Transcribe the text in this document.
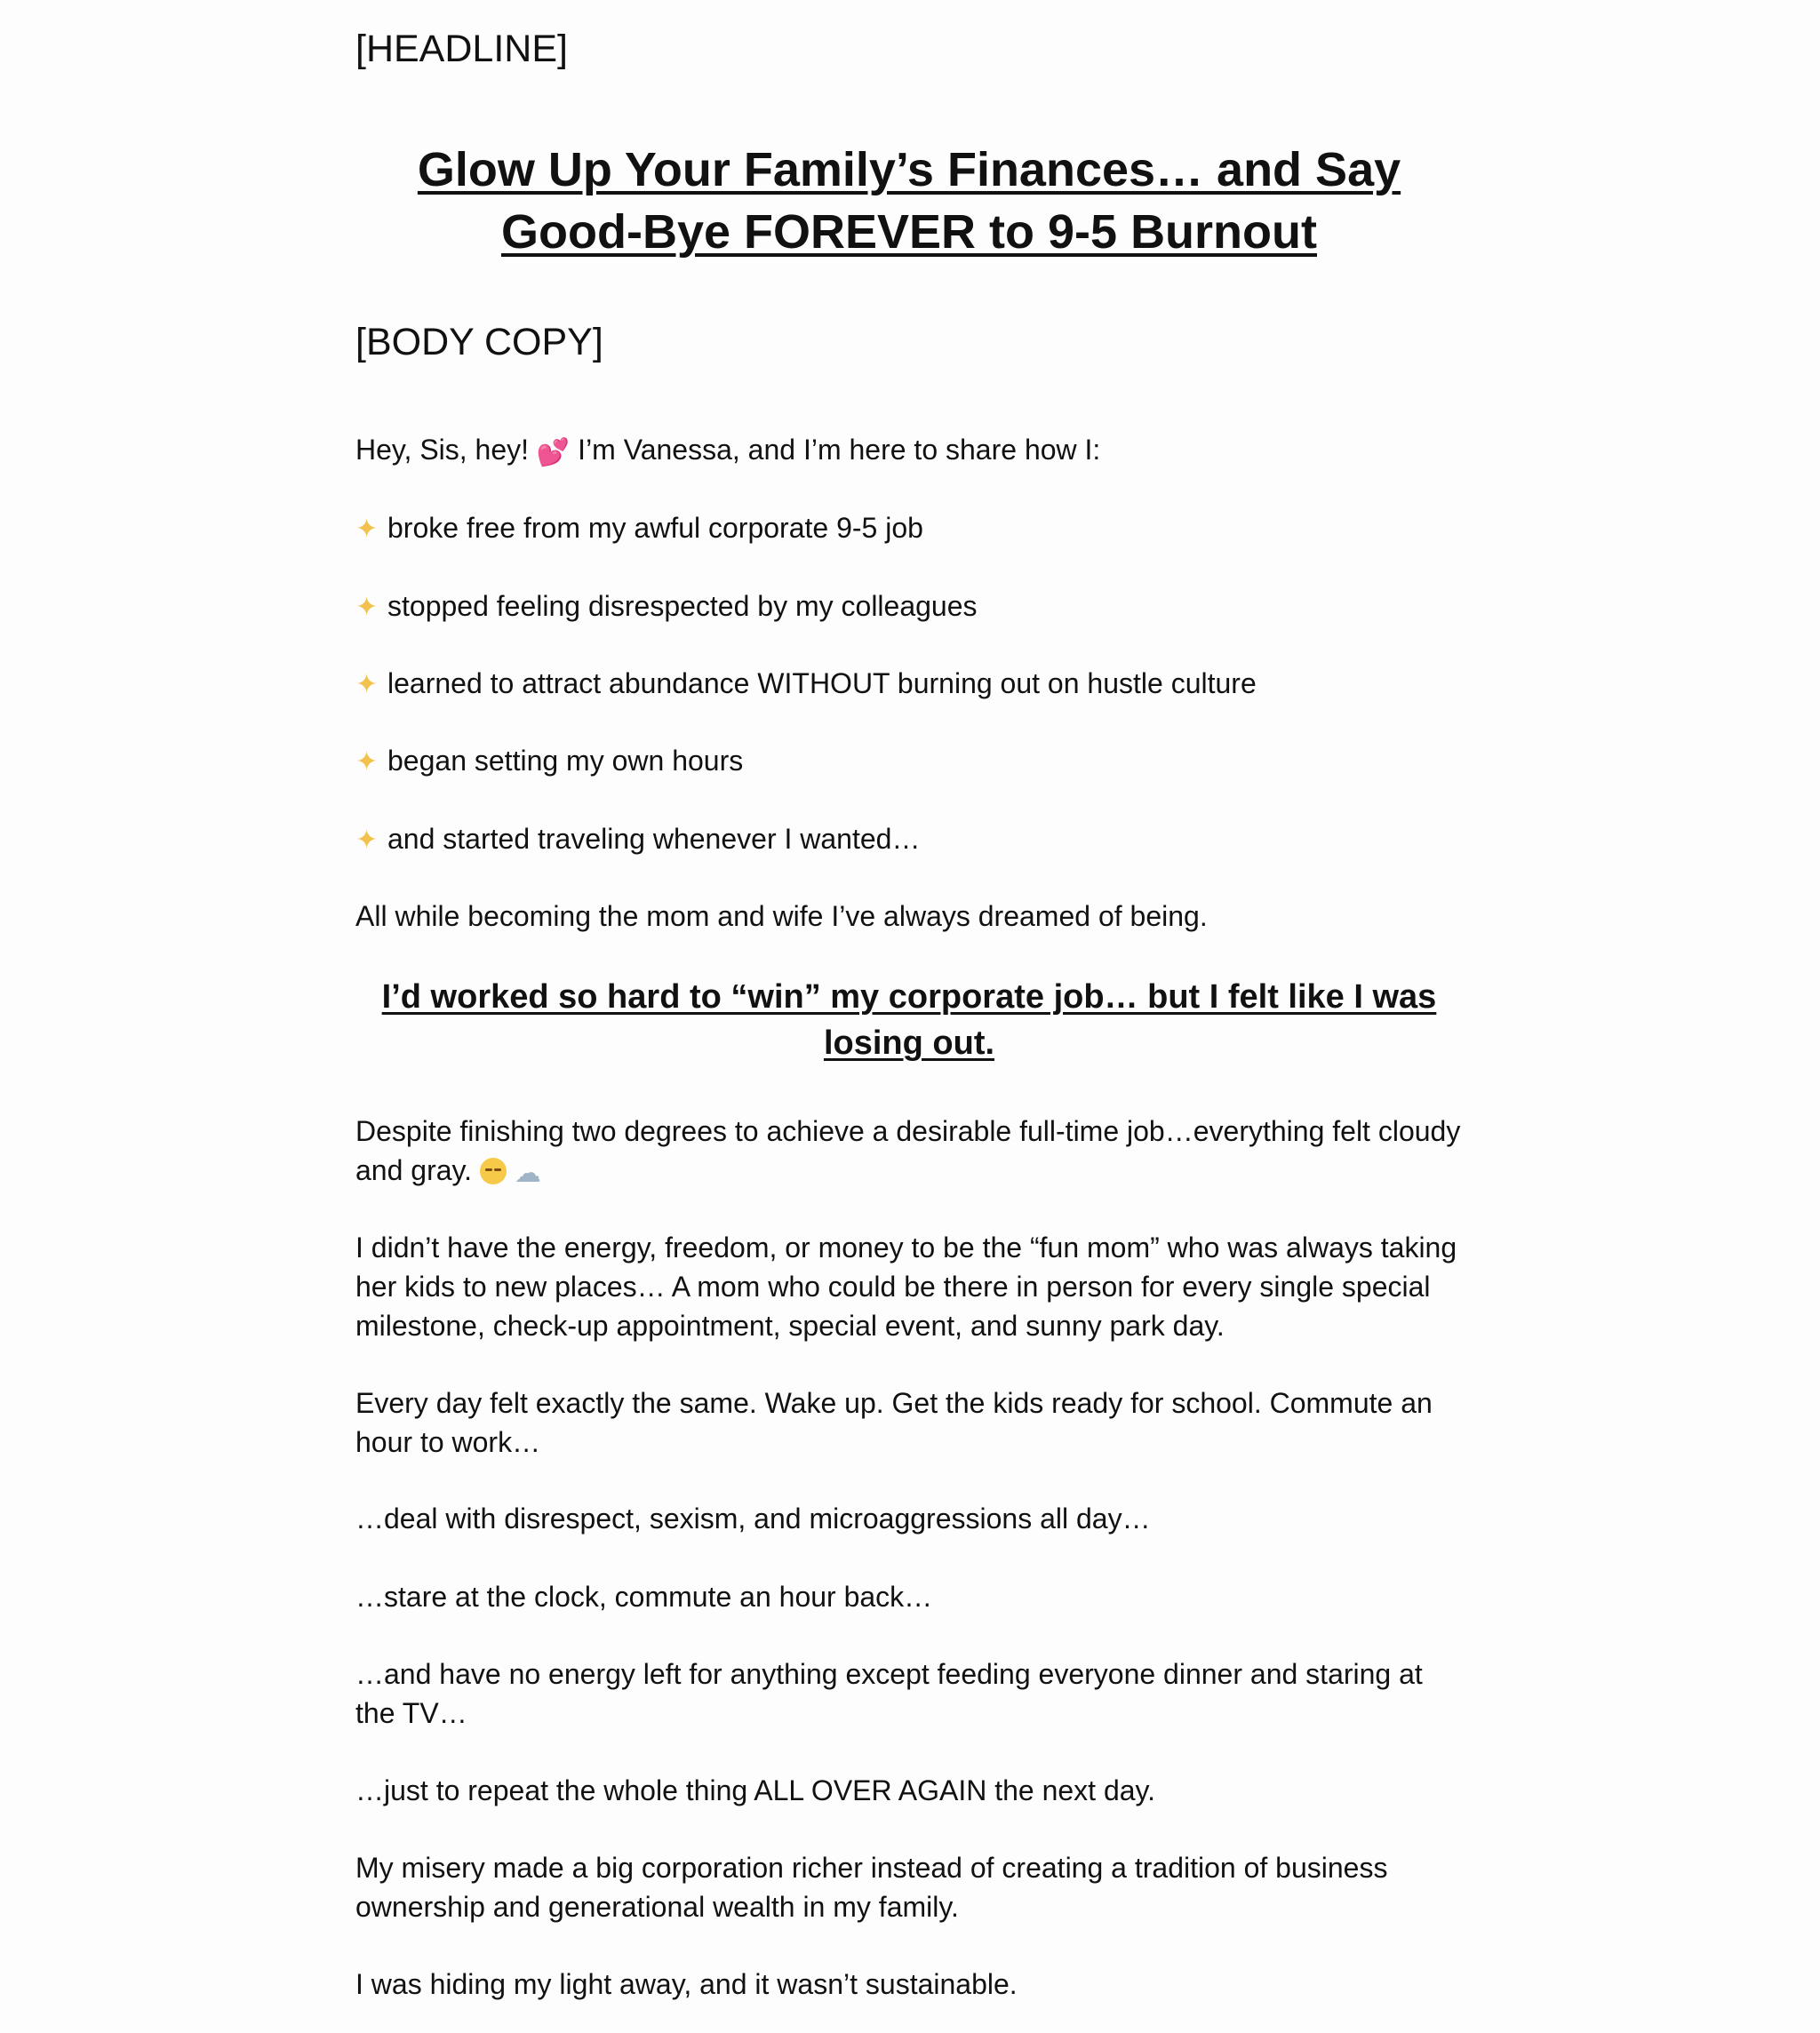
[HEADLINE]

Glow Up Your Family’s Finances… and Say Good-Bye FOREVER to 9-5 Burnout

[BODY COPY]

Hey, Sis, hey! 💕 I’m Vanessa, and I’m here to share how I:

✦ broke free from my awful corporate 9-5 job
✦ stopped feeling disrespected by my colleagues
✦ learned to attract abundance WITHOUT burning out on hustle culture
✦ began setting my own hours
✦ and started traveling whenever I wanted…

All while becoming the mom and wife I’ve always dreamed of being.

I’d worked so hard to “win” my corporate job… but I felt like I was losing out.

Despite finishing two degrees to achieve a desirable full-time job…everything felt cloudy and gray. ☁

I didn’t have the energy, freedom, or money to be the “fun mom” who was always taking her kids to new places… A mom who could be there in person for every single special milestone, check-up appointment, special event, and sunny park day.

Every day felt exactly the same. Wake up. Get the kids ready for school. Commute an hour to work…

…deal with disrespect, sexism, and microaggressions all day…

…stare at the clock, commute an hour back…

…and have no energy left for anything except feeding everyone dinner and staring at the TV…

…just to repeat the whole thing ALL OVER AGAIN the next day.

My misery made a big corporation richer instead of creating a tradition of business ownership and generational wealth in my family.

I was hiding my light away, and it wasn’t sustainable.
